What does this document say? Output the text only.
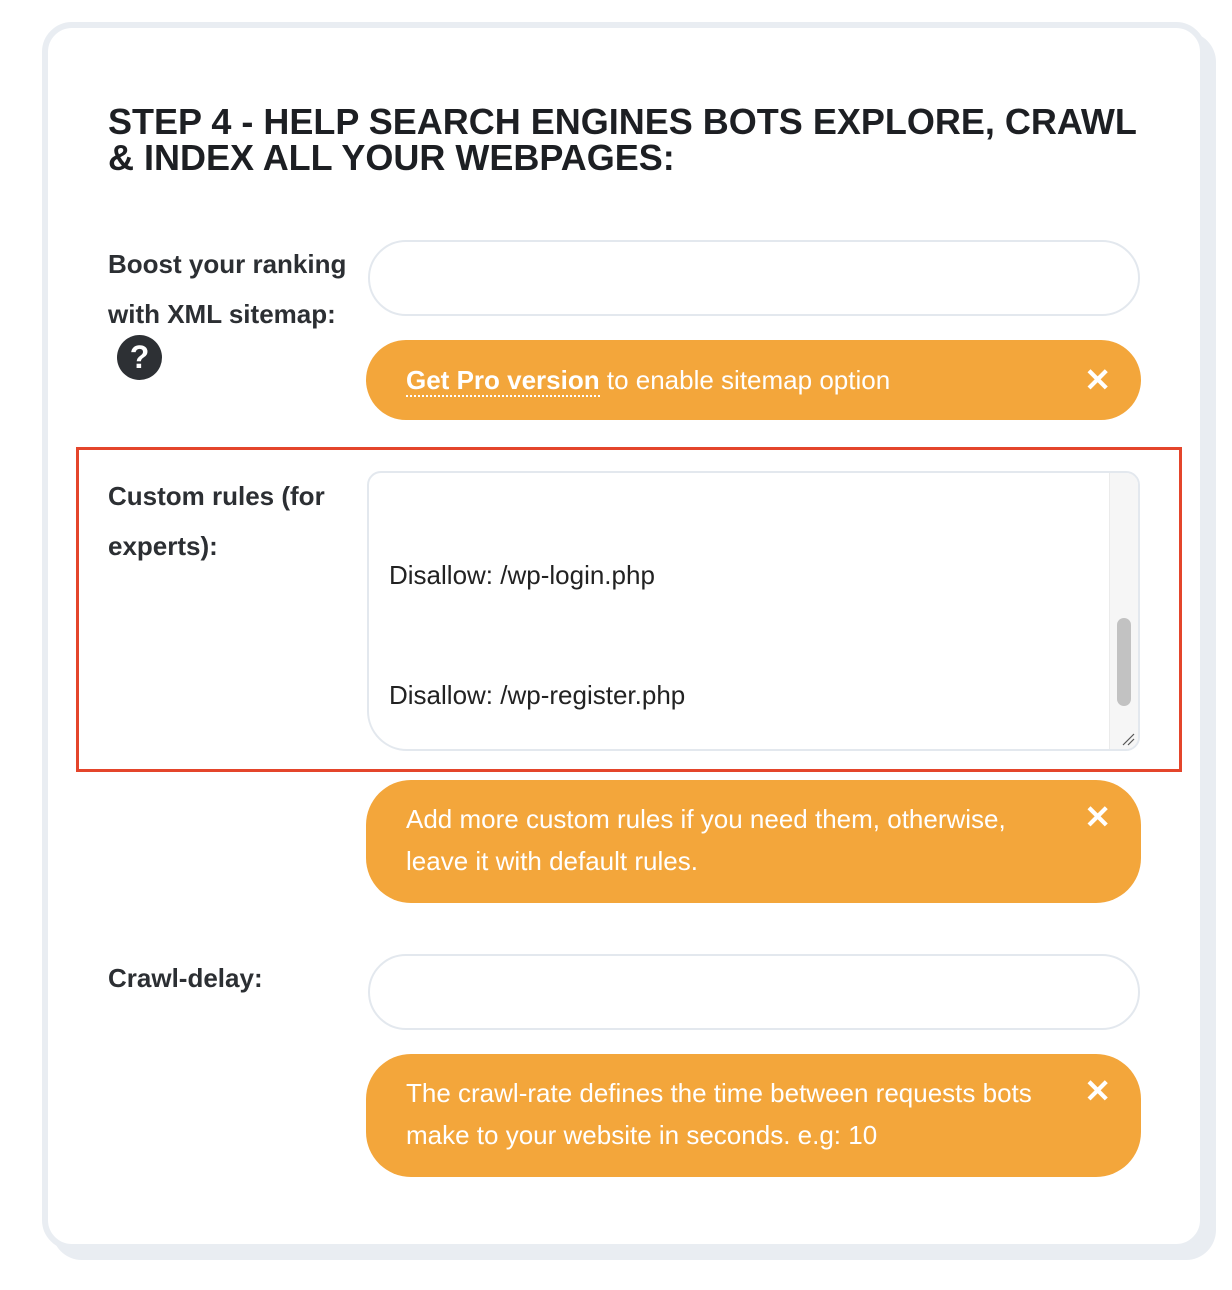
STEP 4 - HELP SEARCH ENGINES BOTS EXPLORE, CRAWL & INDEX ALL YOUR WEBPAGES:
Boost your ranking with XML sitemap:
?
Get Pro version to enable sitemap option	✕
Custom rules (for experts):

Disallow: /wp-login.php

Disallow: /wp-register.php

Add more custom rules if you need them, otherwise, leave it with default rules.
✕
Crawl-delay:
The crawl-rate defines the time between requests bots make to your website in seconds. e.g: 10
✕
